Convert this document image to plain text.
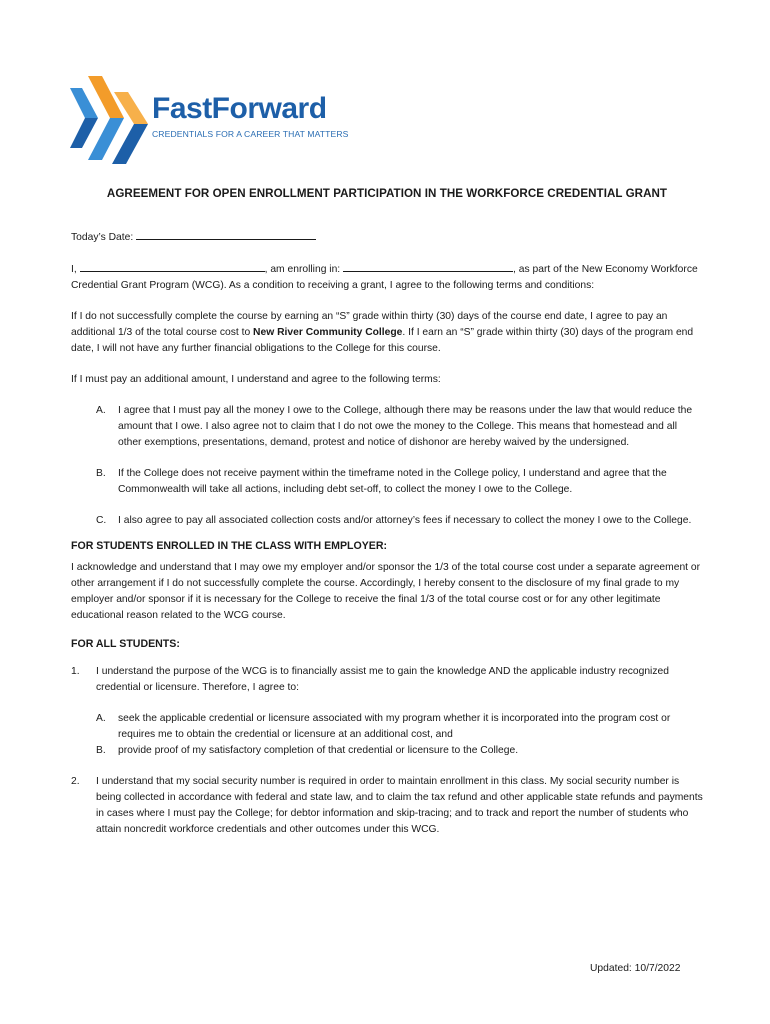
FastForward
CREDENTIALS FOR A CAREER THAT MATTERS
AGREEMENT FOR OPEN ENROLLMENT PARTICIPATION IN THE WORKFORCE CREDENTIAL GRANT

Today’s Date:

I,	, am enrolling in:	, as part of the New Economy Workforce Credential Grant Program (WCG). As a condition to receiving a grant, I agree to the following terms and conditions:

If I do not successfully complete the course by earning an “S” grade within thirty (30) days of the course end date, I agree to pay an additional 1/3 of the total course cost to New River Community College. If I earn an “S” grade within thirty (30) days of the program end date, I will not have any further financial obligations to the College for this course.

If I must pay an additional amount, I understand and agree to the following terms:

A. I agree that I must pay all the money I owe to the College, although there may be reasons under the law that would reduce the amount that I owe. I also agree not to claim that I do not owe the money to the College. This means that homestead and all other exemptions, presentations, demand, protest and notice of dishonor are hereby waived by the undersigned.
B. If the College does not receive payment within the timeframe noted in the College policy, I understand and agree that the Commonwealth will take all actions, including debt set-off, to collect the money I owe to the College.
C. I also agree to pay all associated collection costs and/or attorney’s fees if necessary to collect the money I owe to the College.
FOR STUDENTS ENROLLED IN THE CLASS WITH EMPLOYER:

I acknowledge and understand that I may owe my employer and/or sponsor the 1/3 of the total course cost under a separate agreement or other arrangement if I do not successfully complete the course. Accordingly, I hereby consent to the disclosure of my final grade to my employer and/or sponsor if it is necessary for the College to receive the final 1/3 of the total course cost or for any other legitimate educational reason related to the WCG course.

FOR ALL STUDENTS:
1. I understand the purpose of the WCG is to financially assist me to gain the knowledge AND the applicable industry recognized credential or licensure. Therefore, I agree to:
A. seek the applicable credential or licensure associated with my program whether it is incorporated into the program cost or requires me to obtain the credential or licensure at an additional cost, and
B. provide proof of my satisfactory completion of that credential or licensure to the College.
2. I understand that my social security number is required in order to maintain enrollment in this class. My social security number is being collected in accordance with federal and state law, and to claim the tax refund and other applicable state refunds and payments in cases where I must pay the College; for debtor information and skip-tracing; and to track and report the number of students who attain noncredit workforce credentials and other outcomes under this WCG.
Updated: 10/7/2022
